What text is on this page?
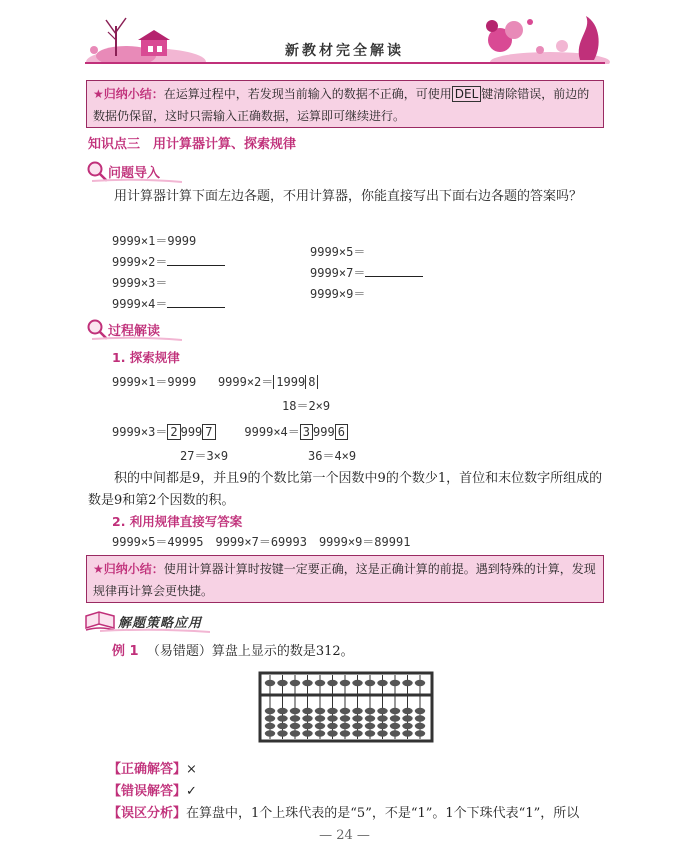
新教材完全解读
★归纳小结：在运算过程中，若发现当前输入的数据不正确，可使用 DEL 键清除错误，前边的数据仍保留，这时只需输入正确数据，运算即可继续进行。
知识点三　用计算器计算、探索规律
问题导入
用计算器计算下面左边各题，不用计算器，你能直接写出下面右边各题的答案吗？
9999×1＝9999
9999×2＝
9999×3＝
9999×4＝
9999×5＝
9999×7＝
9999×9＝
过程解读
1. 探索规律
9999×1＝9999 9999×2＝ 1999 8
18＝2×9
9999×3＝ 2 999 7	9999×4＝ 3 999 6
27＝3×9	36＝4×9
积的中间都是9，并且9的个数比第一个因数中9的个数少1，首位和末位数字所组成的数是9和第2个因数的积。
2. 利用规律直接写答案
9999×5＝49995　9999×7＝69993　9999×9＝89991
★归纳小结：使用计算器计算时按键一定要正确，这是正确计算的前提。遇到特殊的计算，发现规律再计算会更快捷。
解题策略应用
例 1 （易错题）算盘上显示的数是312。
【正确解答】×
【错误解答】✓
【误区分析】在算盘中，1个上珠代表的是“5”，不是“1”。1个下珠代表“1”，所以
— 24 —
